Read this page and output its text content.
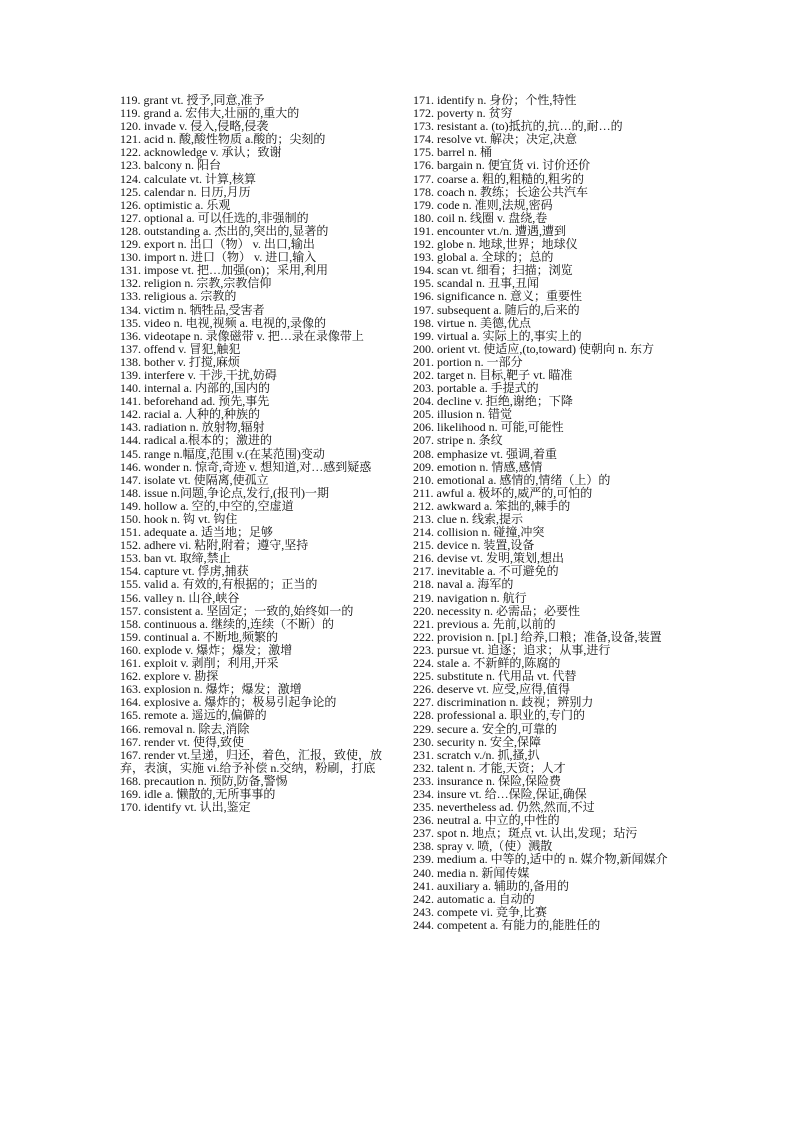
119. grant vt. 授予,同意,准予

119. grand a. 宏伟大,壮丽的,重大的

120. invade v. 侵入,侵略,侵袭

121. acid n. 酸,酸性物质 a.酸的；尖刻的

122. acknowledge v. 承认；致谢

123. balcony n. 阳台

124. calculate vt. 计算,核算

125. calendar n. 日历,月历

126. optimistic a. 乐观

127. optional a. 可以任选的,非强制的

128. outstanding a. 杰出的,突出的,显著的

129. export n. 出口（物） v. 出口,输出

130. import n. 进口（物） v. 进口,输入

131. impose vt. 把…加强(on)；采用,利用

132. religion n. 宗教,宗教信仰

133. religious a. 宗教的

134. victim n. 牺牲品,受害者

135. video n. 电视,视频 a. 电视的,录像的

136. videotape n. 录像磁带 v. 把…录在录像带上

137. offend v. 冒犯,触犯

138. bother v. 打搅,麻烦

139. interfere v. 干涉,干扰,妨碍

140. internal a. 内部的,国内的

141. beforehand ad. 预先,事先

142. racial a. 人种的,种族的

143. radiation n. 放射物,辐射

144. radical a.根本的；激进的

145. range n.幅度,范围 v.(在某范围)变动

146. wonder n. 惊奇,奇迹 v. 想知道,对…感到疑惑

147. isolate vt. 使隔离,使孤立

148. issue n.问题,争论点,发行,(报刊)一期

149. hollow a. 空的,中空的,空虚道

150. hook n. 钩 vt. 钩住

151. adequate a. 适当地；足够

152. adhere vi. 粘附,附着；遵守,坚持

153. ban vt. 取缔,禁止

154. capture vt. 俘虏,捕获

155. valid a. 有效的,有根据的；正当的

156. valley n. 山谷,峡谷

157. consistent a. 坚固定；一致的,始终如一的

158. continuous a. 继续的,连续（不断）的

159. continual a. 不断地,频繁的

160. explode v. 爆炸；爆发；激增

161. exploit v. 剥削；利用,开采

162. explore v. 勘探

163. explosion n. 爆炸；爆发；激增

164. explosive a. 爆炸的；极易引起争论的

165. remote a. 遥远的,偏僻的

166. removal n. 除去,消除

167. render vt. 使得,致使

167. render vt.呈递，归还，着色，汇报，致使，放弃，表演，实施 vi.给予补偿 n.交纳，粉刷，打底

168. precaution n. 预防,防备,警惕

169. idle a. 懒散的,无所事事的

170. identify vt. 认出,鉴定

171. identify n. 身份；个性,特性

172. poverty n. 贫穷

173. resistant a. (to)抵抗的,抗…的,耐…的

174. resolve vt. 解决；决定,决意

175. barrel n. 桶

176. bargain n. 便宜货 vi. 讨价还价

177. coarse a. 粗的,粗糙的,粗劣的

178. coach n. 教练；长途公共汽车

179. code n. 准则,法规,密码

180. coil n. 线圈 v. 盘绕,卷

191. encounter vt./n. 遭遇,遭到

192. globe n. 地球,世界；地球仪

193. global a. 全球的；总的

194. scan vt. 细看；扫描；浏览

195. scandal n. 丑事,丑闻

196. significance n. 意义；重要性

197. subsequent a. 随后的,后来的

198. virtue n. 美德,优点

199. virtual a. 实际上的,事实上的

200. orient vt. 使适应,(to,toward) 使朝向 n. 东方

201. portion n. 一部分

202. target n. 目标,靶子 vt. 瞄准

203. portable a. 手提式的

204. decline v. 拒绝,谢绝；下降

205. illusion n. 错觉

206. likelihood n. 可能,可能性

207. stripe n. 条纹

208. emphasize vt. 强调,着重

209. emotion n. 情感,感情

210. emotional a. 感情的,情绪（上）的

211. awful a. 极坏的,威严的,可怕的

212. awkward a. 笨拙的,棘手的

213. clue n. 线索,提示

214. collision n. 碰撞,冲突

215. device n. 装置,设备

216. devise vt. 发明,策划,想出

217. inevitable a. 不可避免的

218. naval a. 海军的

219. navigation n. 航行

220. necessity n. 必需品；必要性

221. previous a. 先前,以前的

222. provision n. [pl.] 给养,口粮；准备,设备,装置

223. pursue vt. 追逐；追求；从事,进行

224. stale a. 不新鲜的,陈腐的

225. substitute n. 代用品 vt. 代替

226. deserve vt. 应受,应得,值得

227. discrimination n. 歧视；辨别力

228. professional a. 职业的,专门的

229. secure a. 安全的,可靠的

230. security n. 安全,保障

231. scratch v./n. 抓,搔,扒

232. talent n. 才能,天资；人才

233. insurance n. 保险,保险费

234. insure vt. 给…保险,保证,确保

235. nevertheless ad. 仍然,然而,不过

236. neutral a. 中立的,中性的

237. spot n. 地点；斑点 vt. 认出,发现；玷污

238. spray v. 喷,（使）溅散

239. medium a. 中等的,适中的 n. 媒介物,新闻媒介

240. media n. 新闻传媒

241. auxiliary a. 辅助的,备用的

242. automatic a. 自动的

243. compete vi. 竞争,比赛

244. competent a. 有能力的,能胜任的
